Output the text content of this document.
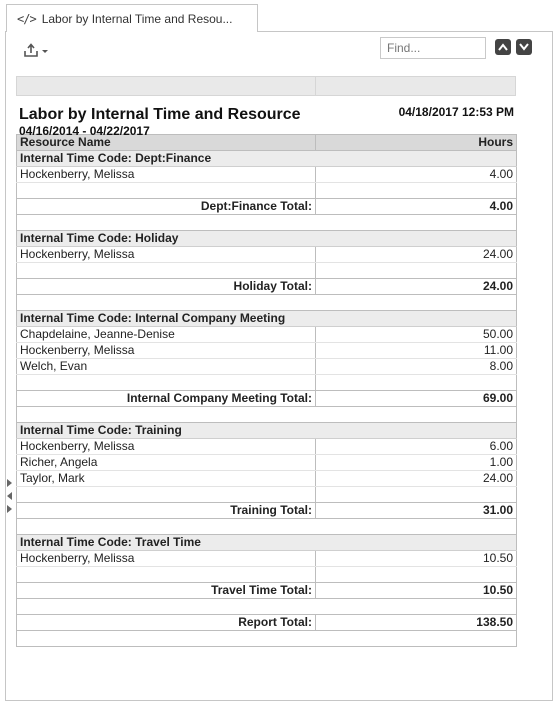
</> Labor by Internal Time and Resou...
Find...
Labor by Internal Time and Resource
04/16/2014 - 04/22/2017
04/18/2017 12:53 PM
Resource Name	Hours
Internal Time Code: Dept:Finance	
Hockenberry, Melissa	4.00

Dept:Finance Total:	4.00

Internal Time Code: Holiday	
Hockenberry, Melissa	24.00

Holiday Total:	24.00

Internal Time Code: Internal Company Meeting	
Chapdelaine, Jeanne-Denise	50.00
Hockenberry, Melissa	11.00
Welch, Evan	8.00

Internal Company Meeting Total:	69.00

Internal Time Code: Training	
Hockenberry, Melissa	6.00
Richer, Angela	1.00
Taylor, Mark	24.00

Training Total:	31.00

Internal Time Code: Travel Time	
Hockenberry, Melissa	10.50

Travel Time Total:	10.50

Report Total:	138.50
